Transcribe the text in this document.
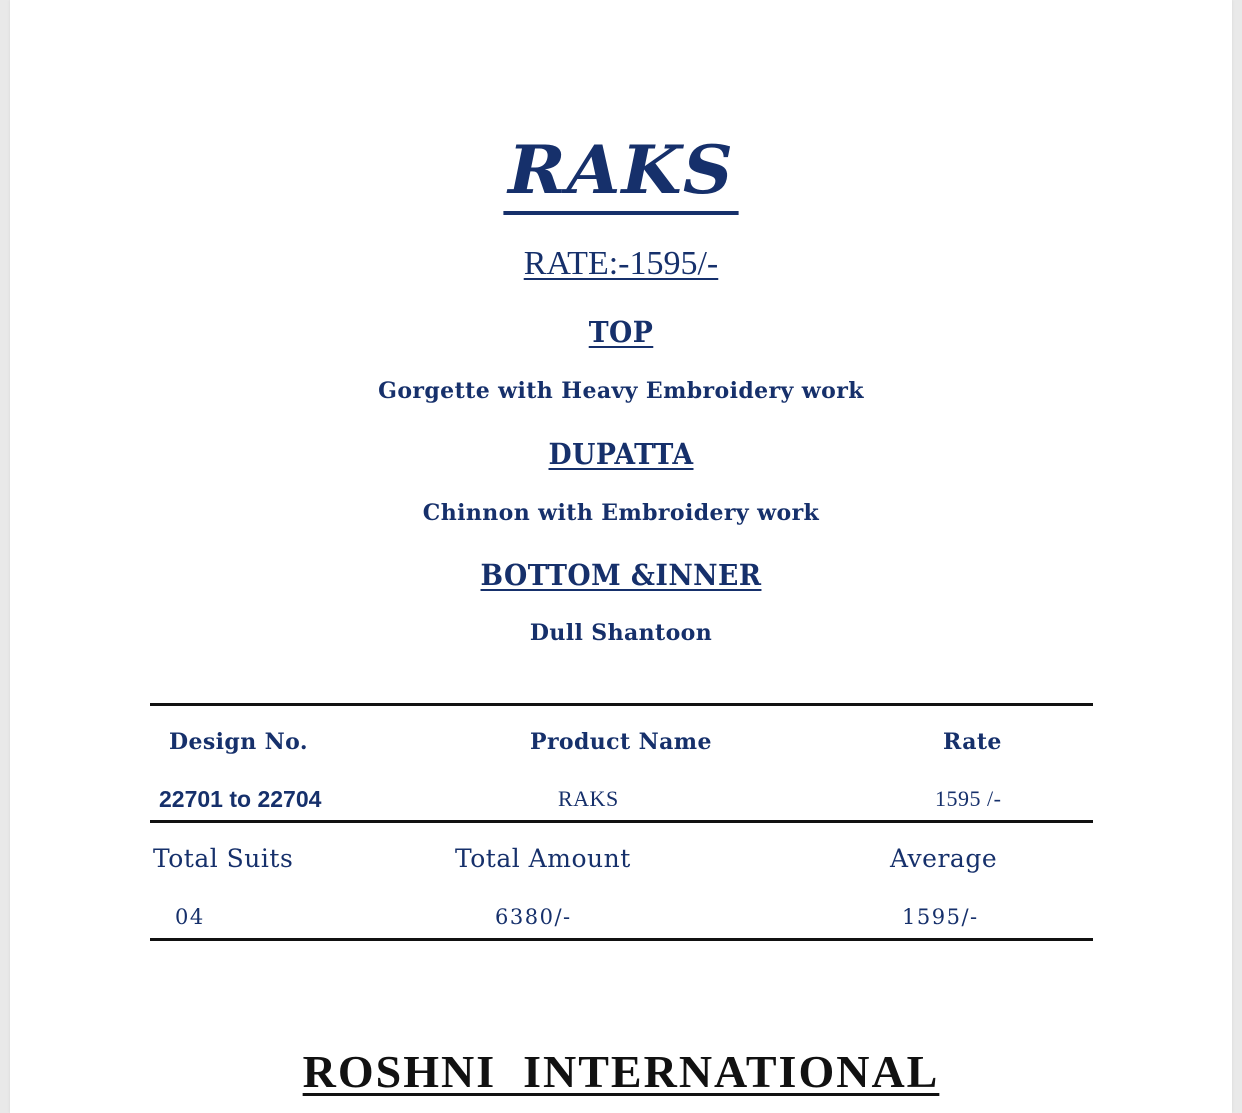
RAKS
RATE:-1595/-
TOP
Gorgette with Heavy Embroidery work
DUPATTA
Chinnon with Embroidery work
BOTTOM &INNER
Dull Shantoon
Design No.	Product Name	Rate
22701 to 22704	RAKS	1595 /-
Total Suits	Total Amount	Average
04	6380/-	1595/-
ROSHNI  INTERNATIONAL
